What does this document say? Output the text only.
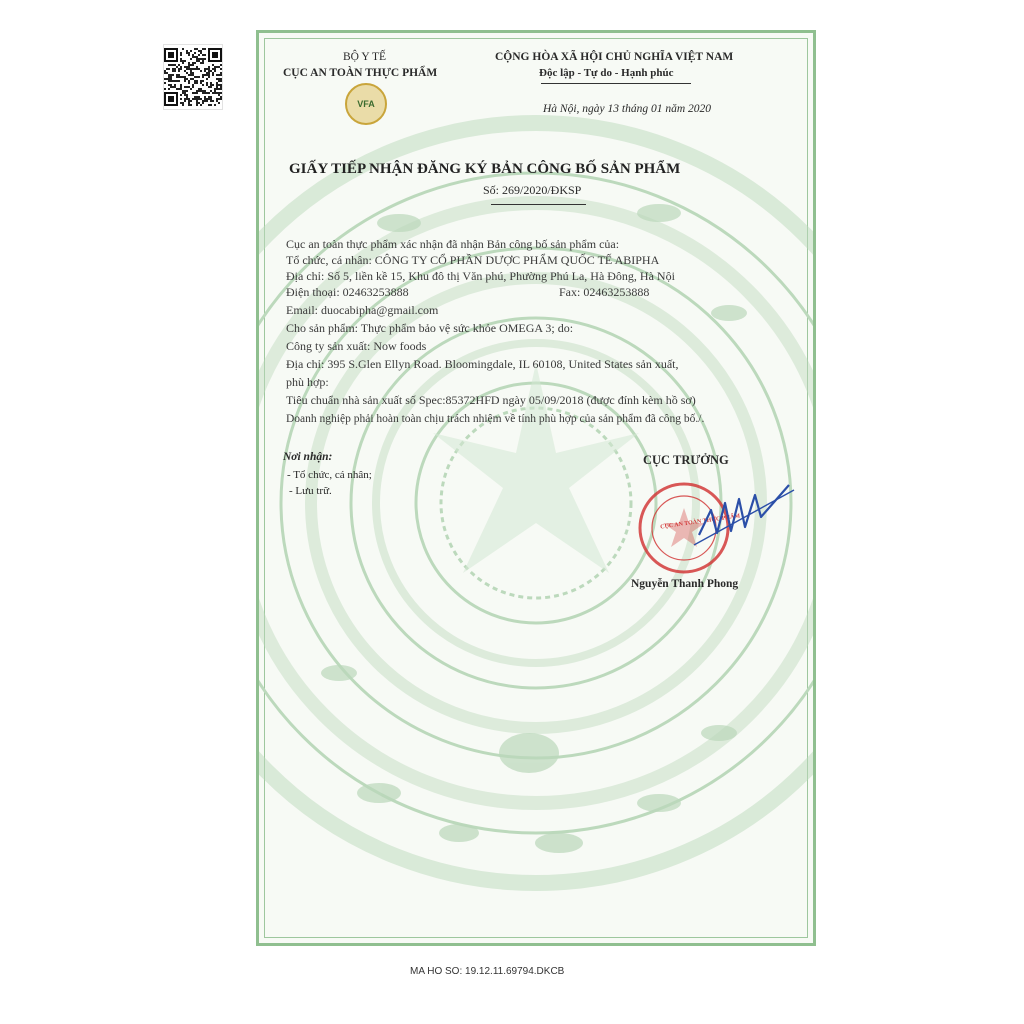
BỘ Y TẾ
CỤC AN TOÀN THỰC PHẨM
VFA
CỘNG HÒA XÃ HỘI CHỦ NGHĨA VIỆT NAM
Độc lập - Tự do - Hạnh phúc
Hà Nội, ngày 13 tháng 01 năm 2020
GIẤY TIẾP NHẬN ĐĂNG KÝ BẢN CÔNG BỐ SẢN PHẨM
Số: 269/2020/ĐKSP
Cục an toàn thực phẩm xác nhận đã nhận Bản công bố sản phẩm của:
Tổ chức, cá nhân: CÔNG TY CỔ PHẦN DƯỢC PHẨM QUỐC TẾ ABIPHA
Địa chỉ: Số 5, liền kề 15, Khu đô thị Văn phú, Phường Phú La, Hà Đông, Hà Nội
Điện thoại: 02463253888	Fax: 02463253888
Email: duocabipha@gmail.com
Cho sản phẩm: Thực phẩm bảo vệ sức khỏe OMEGA 3; do:
Công ty sản xuất: Now foods
Địa chỉ: 395 S.Glen Ellyn Road. Bloomingdale, IL 60108, United States sản xuất,
phù hợp:
Tiêu chuẩn nhà sản xuất số Spec:85372HFD ngày 05/09/2018 (được đính kèm hồ sơ)
Doanh nghiệp phải hoàn toàn chịu trách nhiệm về tính phù hợp của sản phẩm đã công bố./.
Nơi nhận:
- Tổ chức, cá nhân;
- Lưu trữ.
CỤC TRƯỞNG
CỤC AN TOÀN THỰC PHẨM
Nguyễn Thanh Phong
MA HO SO: 19.12.11.69794.DKCB
